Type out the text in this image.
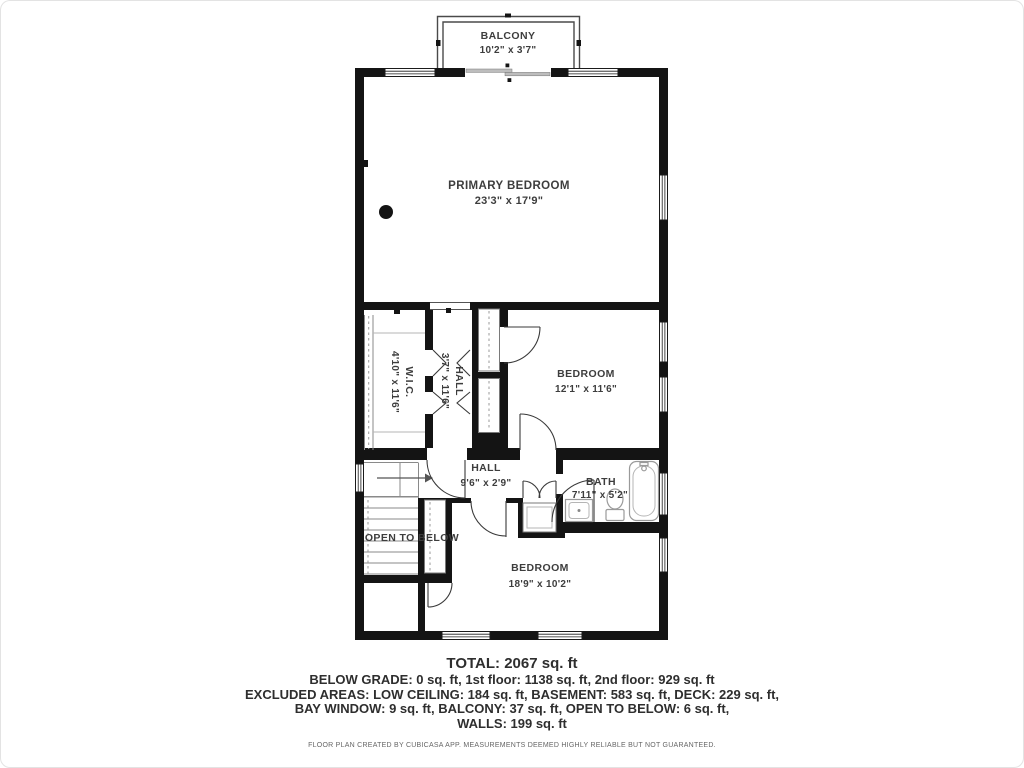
BALCONY
10'2" x 3'7"
PRIMARY BEDROOM
23'3" x 17'9"
W.I.C.
4'10" x 11'6"	HALL
3'7" x 11'6"	BEDROOM
12'1" x 11'6"
HALL
9'6" x 2'9"	BATH
7'11" x 5'2"
OPEN TO BELOW
BEDROOM
18'9" x 10'2"
TOTAL: 2067 sq. ft
BELOW GRADE: 0 sq. ft, 1st floor: 1138 sq. ft, 2nd floor: 929 sq. ft
EXCLUDED AREAS: LOW CEILING: 184 sq. ft, BASEMENT: 583 sq. ft, DECK: 229 sq. ft,
BAY WINDOW: 9 sq. ft, BALCONY: 37 sq. ft, OPEN TO BELOW: 6 sq. ft,
WALLS: 199 sq. ft
FLOOR PLAN CREATED BY CUBICASA APP. MEASUREMENTS DEEMED HIGHLY RELIABLE BUT NOT GUARANTEED.
